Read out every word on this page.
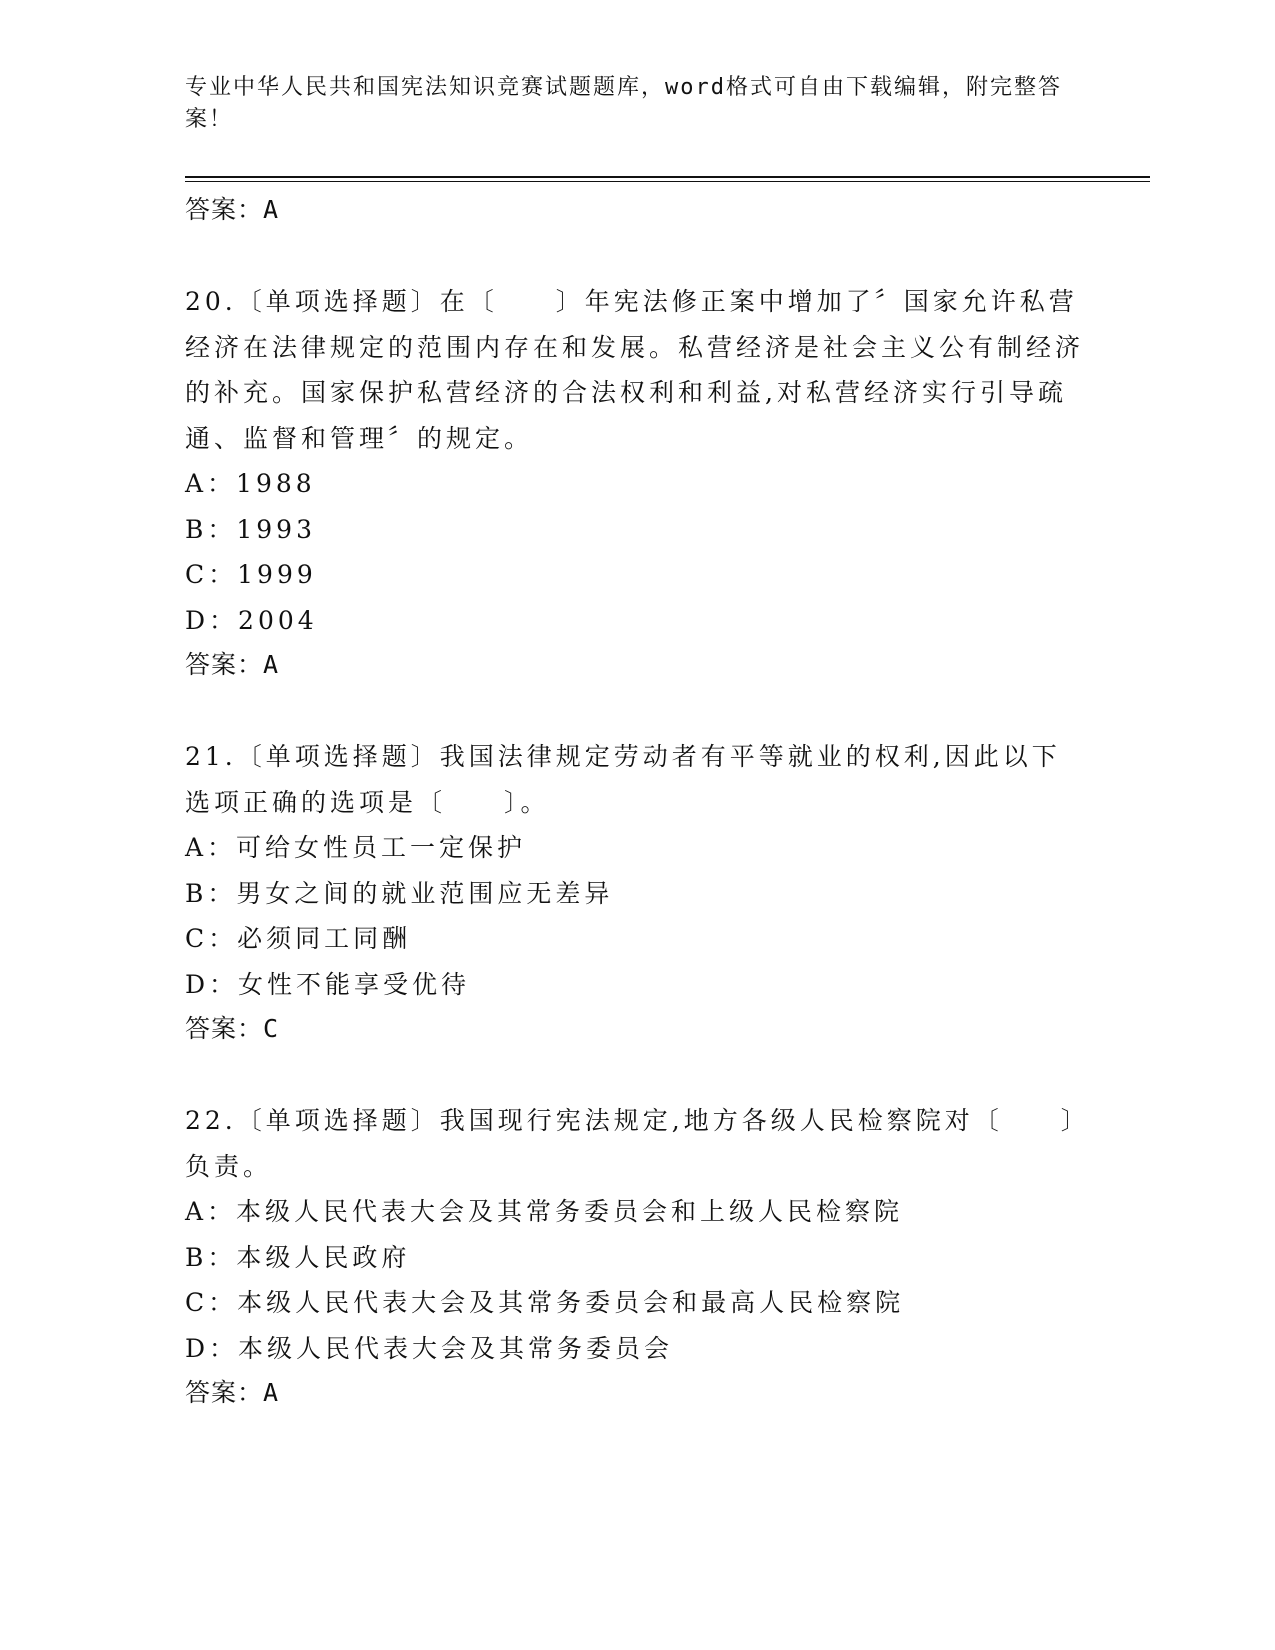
专业中华人民共和国宪法知识竞赛试题题库，word格式可自由下载编辑，附完整答案！
答案：A
20.〔单项选择题〕在〔　　〕年宪法修正案中增加了〞国家允许私营经济在法律规定的范围内存在和发展。私营经济是社会主义公有制经济的补充。国家保护私营经济的合法权利和利益,对私营经济实行引导疏通、监督和管理〞的规定。
A：1988
B：1993
C：1999
D：2004
答案：A
21.〔单项选择题〕我国法律规定劳动者有平等就业的权利,因此以下选项正确的选项是〔　　〕。
A：可给女性员工一定保护
B：男女之间的就业范围应无差异
C：必须同工同酬
D：女性不能享受优待
答案：C
22.〔单项选择题〕我国现行宪法规定,地方各级人民检察院对〔　　〕负责。
A：本级人民代表大会及其常务委员会和上级人民检察院
B：本级人民政府
C：本级人民代表大会及其常务委员会和最高人民检察院
D：本级人民代表大会及其常务委员会
答案：A
